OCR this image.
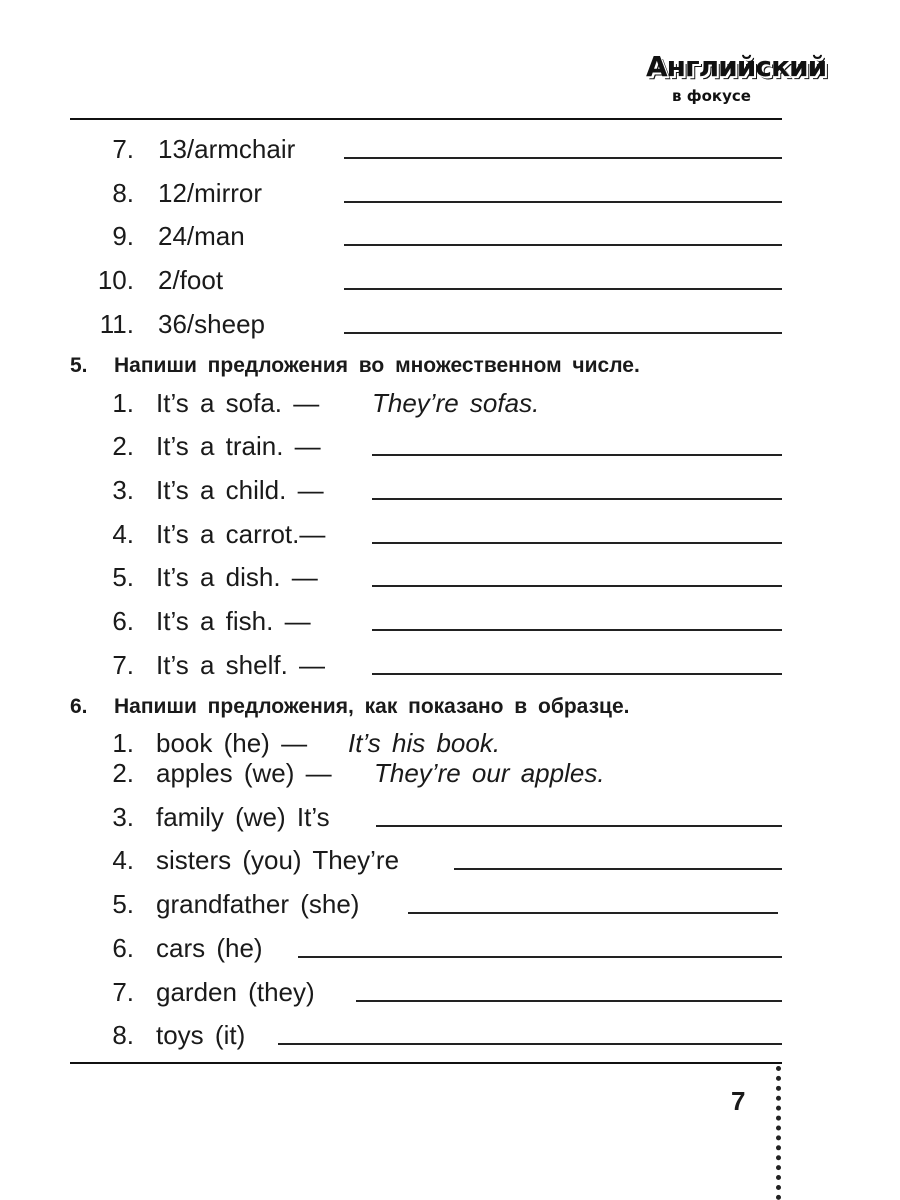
Английский
в фокусе
7. 13/armchair
8. 12/mirror
9. 24/man
10. 2/foot
11. 36/sheep
5. Напиши предложения во множественном числе.
1. It’s a sofa. — They’re sofas.
2. It’s a train. —
3. It’s a child. —
4. It’s a carrot.—
5. It’s a dish. —
6. It’s a fish. —
7. It’s a shelf. —
6. Напиши предложения, как показано в образце.
1. book (he) — It’s his book.
2. apples (we) — They’re our apples.
3. family (we) It’s
4. sisters (you) They’re
5. grandfather (she)
6. cars (he)
7. garden (they)
8. toys (it)
7
